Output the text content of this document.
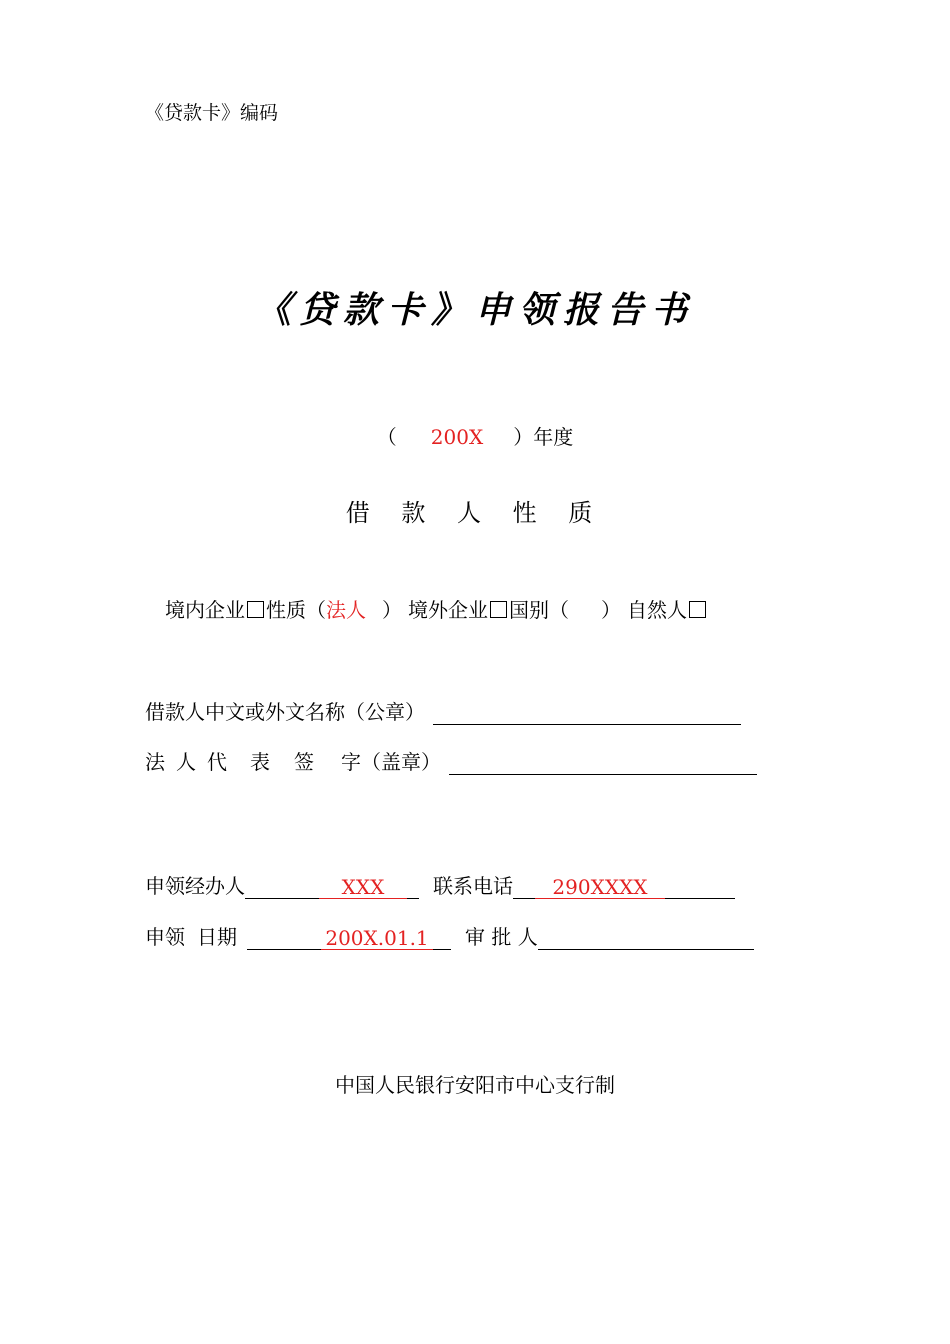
《贷款卡》编码
《贷款卡》申领报告书
（ 200X ）年度
借 款 人 性 质
境内企业 性质（法人 ） 境外企业 国别（ ） 自然人
借款人中文或外文名称（公章）
法 人 代 表 签 字（盖章）
申领经办人	XXX 联系电话 290XXXX
申领 日期	200X.01.1 审 批 人
中国人民银行安阳市中心支行制
